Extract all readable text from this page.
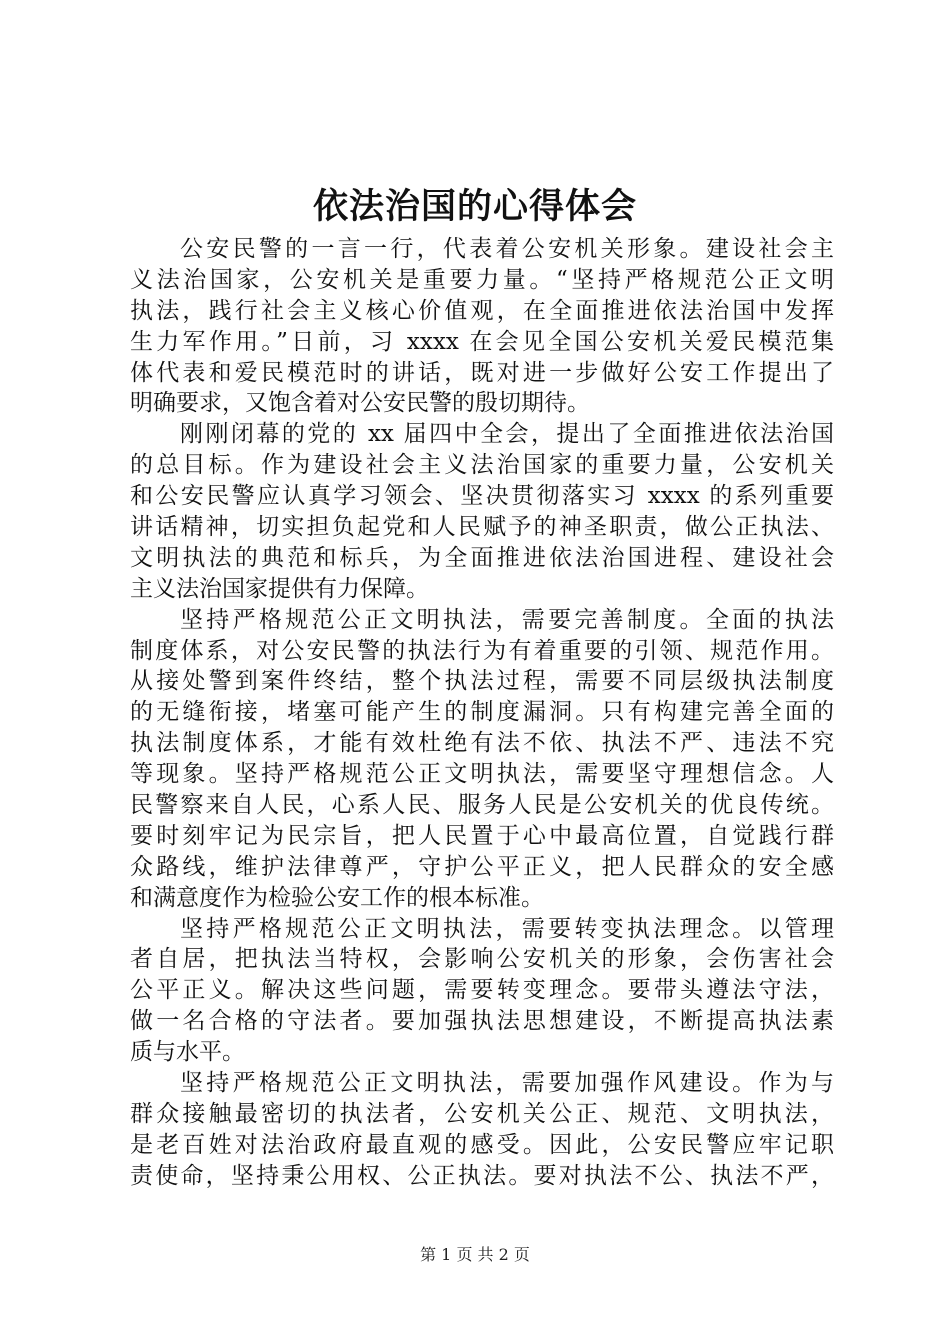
依法治国的心得体会
公安民警的一言一行，代表着公安机关形象。建设社会主
义法治国家，公安机关是重要力量。“坚持严格规范公正文明
执法，践行社会主义核心价值观，在全面推进依法治国中发挥
生力军作用。”日前，习 xxxx 在会见全国公安机关爱民模范集
体代表和爱民模范时的讲话，既对进一步做好公安工作提出了
明确要求，又饱含着对公安民警的殷切期待。
刚刚闭幕的党的 xx 届四中全会，提出了全面推进依法治国
的总目标。作为建设社会主义法治国家的重要力量，公安机关
和公安民警应认真学习领会、坚决贯彻落实习 xxxx 的系列重要
讲话精神，切实担负起党和人民赋予的神圣职责，做公正执法、
文明执法的典范和标兵，为全面推进依法治国进程、建设社会
主义法治国家提供有力保障。
坚持严格规范公正文明执法，需要完善制度。全面的执法
制度体系，对公安民警的执法行为有着重要的引领、规范作用。
从接处警到案件终结，整个执法过程，需要不同层级执法制度
的无缝衔接，堵塞可能产生的制度漏洞。只有构建完善全面的
执法制度体系，才能有效杜绝有法不依、执法不严、违法不究
等现象。坚持严格规范公正文明执法，需要坚守理想信念。人
民警察来自人民，心系人民、服务人民是公安机关的优良传统。
要时刻牢记为民宗旨，把人民置于心中最高位置，自觉践行群
众路线，维护法律尊严，守护公平正义，把人民群众的安全感
和满意度作为检验公安工作的根本标准。
坚持严格规范公正文明执法，需要转变执法理念。以管理
者自居，把执法当特权，会影响公安机关的形象，会伤害社会
公平正义。解决这些问题，需要转变理念。要带头遵法守法，
做一名合格的守法者。要加强执法思想建设，不断提高执法素
质与水平。
坚持严格规范公正文明执法，需要加强作风建设。作为与
群众接触最密切的执法者，公安机关公正、规范、文明执法，
是老百姓对法治政府最直观的感受。因此，公安民警应牢记职
责使命，坚持秉公用权、公正执法。要对执法不公、执法不严，
第 1 页 共 2 页
